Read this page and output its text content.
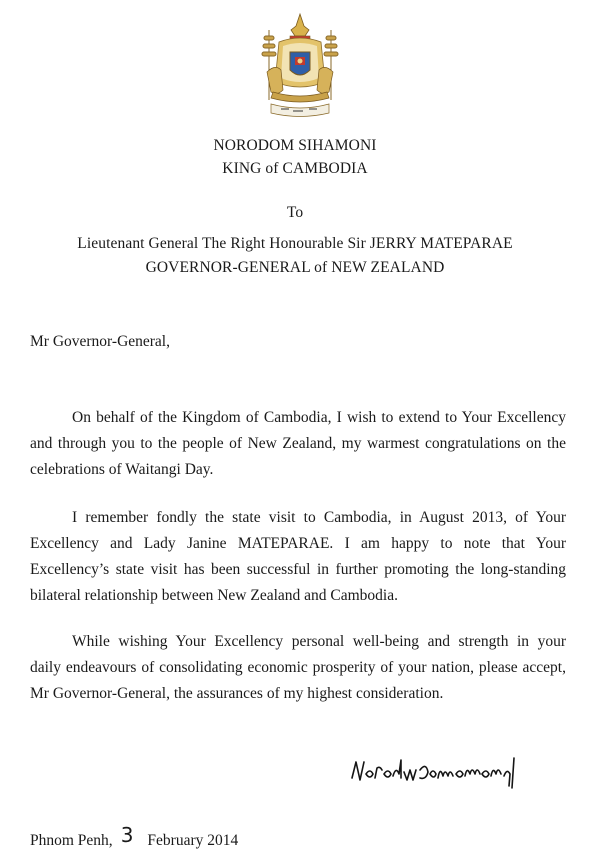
NORODOM SIHAMONI
KING of CAMBODIA
To
Lieutenant General The Right Honourable Sir JERRY MATEPARAE
GOVERNOR-GENERAL of NEW ZEALAND
Mr Governor-General,
On behalf of the Kingdom of Cambodia, I wish to extend to Your Excellency
and through you to the people of New Zealand, my warmest congratulations on the
celebrations of Waitangi Day.
I remember fondly the state visit to Cambodia, in August 2013, of Your
Excellency and Lady Janine MATEPARAE. I am happy to note that Your
Excellency’s state visit has been successful in further promoting the long-standing
bilateral relationship between New Zealand and Cambodia.
While wishing Your Excellency personal well-being and strength in your
daily endeavours of consolidating economic prosperity of your nation, please accept,
Mr Governor-General, the assurances of my highest consideration.
Phnom Penh, 3 February 2014
